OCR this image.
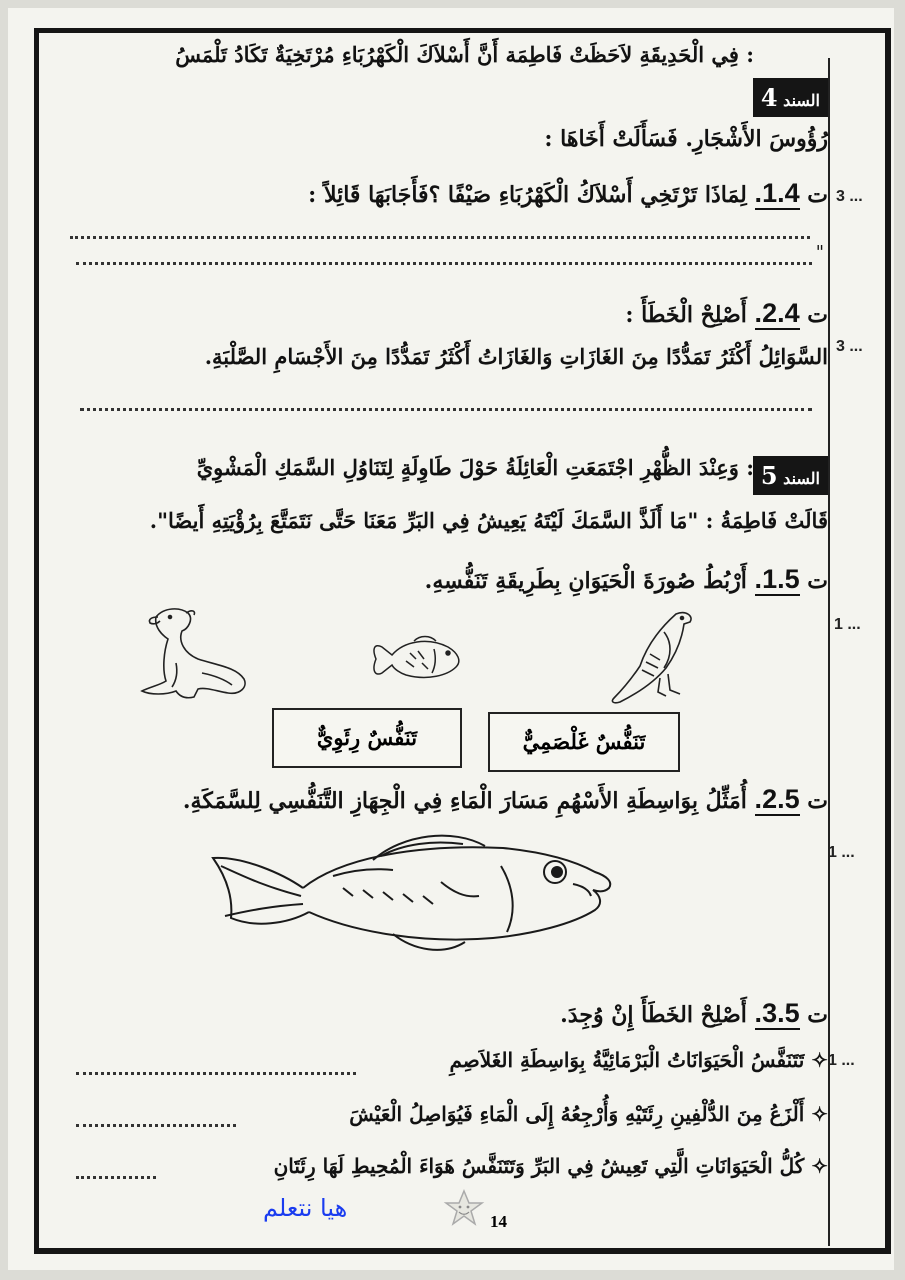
السند 4
: فِي الْحَدِيقَةِ لاَحَظَتْ فَاطِمَة أَنَّ أَسْلاَكَ الْكَهْرُبَاءِ مُرْتَخِيَةٌ تَكَادُ تَلْمَسُ
رُؤُوسَ الأَشْجَارِ. فَسَأَلَتْ أَخَاهَا :
ت 1.4. لِمَاذَا تَرْتَخِي أَسْلاَكُ الْكَهْرُبَاءِ صَيْفًا ؟فَأَجَابَهَا قَائِلاً :	3 ...
"
ت 2.4. أَصْلِحْ الْخَطَأَ :
3 ...
السَّوَائِلُ أَكْثَرُ تَمَدُّدًا مِنَ الغَازَاتِ وَالغَازَاتُ أَكْثَرُ تَمَدُّدًا مِنَ الأَجْسَامِ الصَّلْبَةِ.
السند 5
: وَعِنْدَ الظُّهْرِ اجْتَمَعَتِ الْعَائِلَةُ حَوْلَ طَاوِلَةٍ لِتَنَاوُلِ السَّمَكِ الْمَشْوِيِّ
قَالَتْ فَاطِمَةُ : "مَا أَلَذَّ السَّمَكَ لَيْتَهُ يَعِيشُ فِي البَرِّ مَعَنَا حَتَّى نَتَمَتَّعَ بِرُؤْيَتِهِ أَيضًا".
ت 1.5. أَرْبُطُ صُورَةَ الْحَيَوَانِ بِطَرِيقَةِ تَنَفُّسِهِ.
1 ...
تَنَفُّسٌ رِئَوِيٌّ	تَنَفُّسٌ غَلْصَمِيٌّ
ت 2.5. أُمَثِّلُ بِوَاسِطَةِ الأَسْهُمِ مَسَارَ الْمَاءِ فِي الْجِهَازِ التَّنَفُّسِي لِلسَّمَكَةِ.
1 ...
ت 3.5. أَصْلِحْ الخَطَأَ إِنْ وُجِدَ.
1 ...
✧ تَتَنَفَّسُ الْحَيَوَانَاتُ الْبَرْمَائِيَّةُ بِوَاسِطَةِ الغَلاَصِمِ
✧ أَلْزَعُ مِنَ الدُّلْفِينِ رِئَتَيْهِ وَأُرْجِعُهُ إِلَى الْمَاءِ فَيُوَاصِلُ الْعَيْشَ
✧ كُلُّ الْحَيَوَانَاتِ الَّتِي تَعِيشُ فِي البَرِّ وَتَتَنَفَّسُ هَوَاءَ الْمُحِيطِ لَهَا رِئَتَانِ
هيا نتعلم	14
